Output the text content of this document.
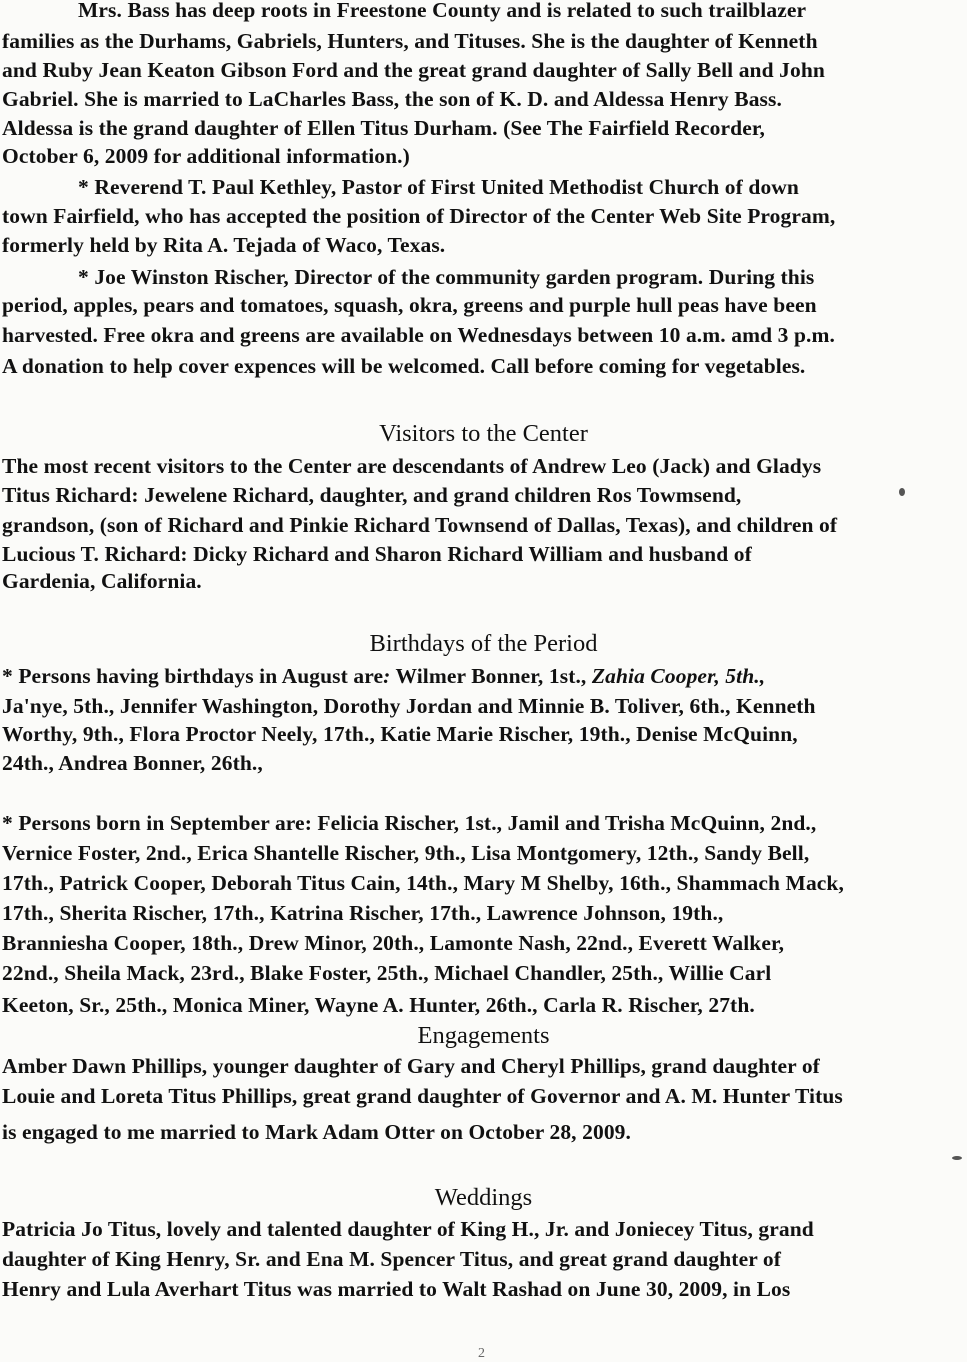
Mrs. Bass has deep roots in Freestone County and is related to such trailblazer
families as the Durhams, Gabriels, Hunters, and Tituses. She is the daughter of Kenneth
and Ruby Jean Keaton Gibson Ford and the great grand daughter of Sally Bell and John
Gabriel. She is married to LaCharles Bass, the son of K. D. and Aldessa Henry Bass.
Aldessa is the grand daughter of Ellen Titus Durham. (See The Fairfield Recorder,
October 6, 2009 for additional information.)
* Reverend T. Paul Kethley, Pastor of First United Methodist Church of down
town Fairfield, who has accepted the position of Director of the Center Web Site Program,
formerly held by Rita A. Tejada of Waco, Texas.
* Joe Winston Rischer, Director of the community garden program. During this
period, apples, pears and tomatoes, squash, okra, greens and purple hull peas have been
harvested. Free okra and greens are available on Wednesdays between 10 a.m. amd 3 p.m.
A donation to help cover expences will be welcomed. Call before coming for vegetables.
Visitors to the Center
The most recent visitors to the Center are descendants of Andrew Leo (Jack) and Gladys
Titus Richard: Jewelene Richard, daughter, and grand children Ros Towmsend,
grandson, (son of Richard and Pinkie Richard Townsend of Dallas, Texas), and children of
Lucious T. Richard: Dicky Richard and Sharon Richard William and husband of
Gardenia, California.
Birthdays of the Period
* Persons having birthdays in August are: Wilmer Bonner, 1st., Zahia Cooper, 5th.,
Ja'nye, 5th., Jennifer Washington, Dorothy Jordan and Minnie B. Toliver, 6th., Kenneth
Worthy, 9th., Flora Proctor Neely, 17th., Katie Marie Rischer, 19th., Denise McQuinn,
24th., Andrea Bonner, 26th.,
* Persons born in September are: Felicia Rischer, 1st., Jamil and Trisha McQuinn, 2nd.,
Vernice Foster, 2nd., Erica Shantelle Rischer, 9th., Lisa Montgomery, 12th., Sandy Bell,
17th., Patrick Cooper, Deborah Titus Cain, 14th., Mary M Shelby, 16th., Shammach Mack,
17th., Sherita Rischer, 17th., Katrina Rischer, 17th., Lawrence Johnson, 19th.,
Branniesha Cooper, 18th., Drew Minor, 20th., Lamonte Nash, 22nd., Everett Walker,
22nd., Sheila Mack, 23rd., Blake Foster, 25th., Michael Chandler, 25th., Willie Carl
Keeton, Sr., 25th., Monica Miner, Wayne A. Hunter, 26th., Carla R. Rischer, 27th.
Engagements
Amber Dawn Phillips, younger daughter of Gary and Cheryl Phillips, grand daughter of
Louie and Loreta Titus Phillips, great grand daughter of Governor and A. M. Hunter Titus
is engaged to me married to Mark Adam Otter on October 28, 2009.
Weddings
Patricia Jo Titus, lovely and talented daughter of King H., Jr. and Joniecey Titus, grand
daughter of King Henry, Sr. and Ena M. Spencer Titus, and great grand daughter of
Henry and Lula Averhart Titus was married to Walt Rashad on June 30, 2009, in Los
2
